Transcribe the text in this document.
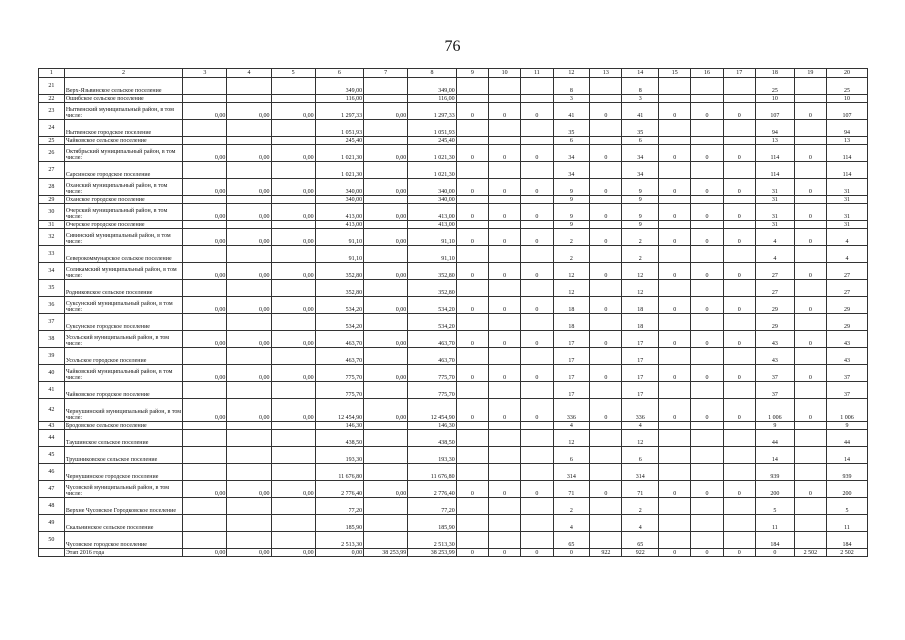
76
1	2	3	4	5	6	7	8	9	10	11	12	13	14	15	16	17	18	19	20
21	Верх-Язьвинское сельское поселение				349,00		349,00				8		8				25		25
22	Ошибское сельское поселение				116,00		116,00				3		3				10		10
23	Нытвенский муниципальный район, в том числе:	0,00	0,00	0,00	1 297,33	0,00	1 297,33	0	0	0	41	0	41	0	0	0	107	0	107
24	Нытвенское городское поселение				1 051,93		1 051,93				35		35				94		94
25	Чайковское сельское поселение				245,40		245,40				6		6				13		13
26	Октябрьский муниципальный район, в том числе:	0,00	0,00	0,00	1 021,30	0,00	1 021,30	0	0	0	34	0	34	0	0	0	114	0	114
27	Сарсинское городское поселение				1 021,30		1 021,30				34		34				114		114
28	Оханский муниципальный район, в том числе:	0,00	0,00	0,00	340,00	0,00	340,00	0	0	0	9	0	9	0	0	0	31	0	31
29	Оханское городское поселение				340,00		340,00				9		9				31		31
30	Очерский муниципальный район, в том числе:	0,00	0,00	0,00	413,00	0,00	413,00	0	0	0	9	0	9	0	0	0	31	0	31
31	Очерское городское поселение				413,00		413,00				9		9				31		31
32	Сивинский муниципальный район, в том числе:	0,00	0,00	0,00	91,10	0,00	91,10	0	0	0	2	0	2	0	0	0	4	0	4
33	Северокоммунарское сельское поселение				91,10		91,10				2		2				4		4
34	Соликамский муниципальный район, в том числе:	0,00	0,00	0,00	352,80	0,00	352,80	0	0	0	12	0	12	0	0	0	27	0	27
35	Родниковское сельское поселение				352,80		352,80				12		12				27		27
36	Суксунский муниципальный район, в том числе:	0,00	0,00	0,00	534,20	0,00	534,20	0	0	0	18	0	18	0	0	0	29	0	29
37	Суксунское городское поселение				534,20		534,20				18		18				29		29
38	Усольский муниципальный район, в том числе:	0,00	0,00	0,00	463,70	0,00	463,70	0	0	0	17	0	17	0	0	0	43	0	43
39	Усольское городское поселение				463,70		463,70				17		17				43		43
40	Чайковский муниципальный район, в том числе:	0,00	0,00	0,00	775,70	0,00	775,70	0	0	0	17	0	17	0	0	0	37	0	37
41	Чайковское городское поселение				775,70		775,70				17		17				37		37
42	Чернушинский муниципальный район, в том числе:	0,00	0,00	0,00	12 454,90	0,00	12 454,90	0	0	0	336	0	336	0	0	0	1 006	0	1 006
43	Бродовское сельское поселение				146,30		146,30				4		4				9		9
44	Таушинское сельское поселение				438,50		438,50				12		12				44		44
45	Трушниковское сельское поселение				193,30		193,30				6		6				14		14
46	Чернушинское городское поселение				11 676,80		11 676,80				314		314				939		939
47	Чусовской муниципальный район, в том числе:	0,00	0,00	0,00	2 776,40	0,00	2 776,40	0	0	0	71	0	71	0	0	0	200	0	200
48	Верхне Чусовское Городковское поселение				77,20		77,20				2		2				5		5
49	Скальнинское сельское поселение				185,90		185,90				4		4				11		11
50	Чусовское городское поселение				2 513,30		2 513,30				65		65				184		184
	Этап 2016 года	0,00	0,00	0,00	0,00	38 253,99	38 253,99	0	0	0	0	922	922	0	0	0	0	2 502	2 502
